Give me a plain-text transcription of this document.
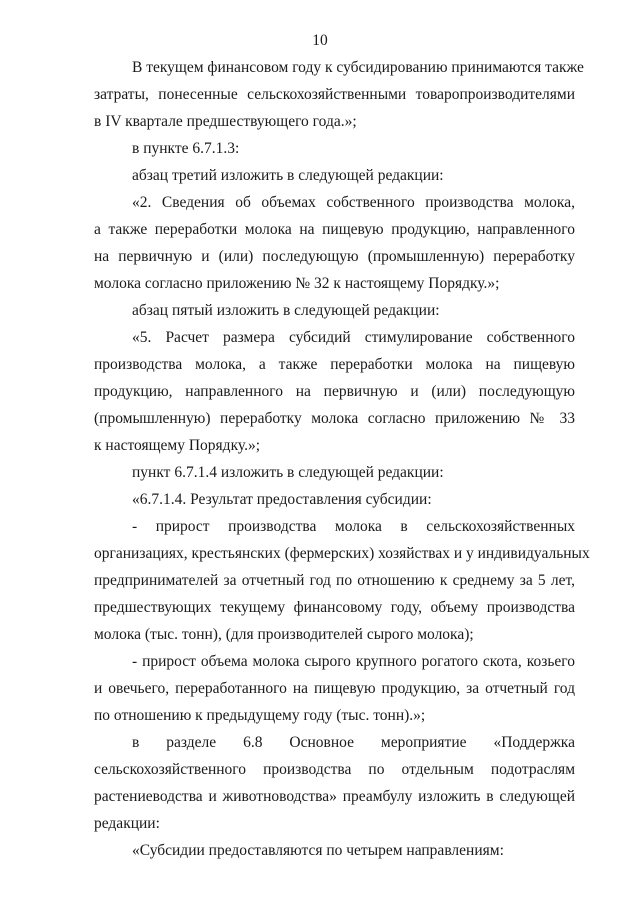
10
В текущем финансовом году к субсидированию принимаются также
затраты, понесенные сельскохозяйственными товаропроизводителями
в IV квартале предшествующего года.»;
в пункте 6.7.1.3:
абзац третий изложить в следующей редакции:
«2. Сведения об объемах собственного производства молока,
а также переработки молока на пищевую продукцию, направленного
на первичную и (или) последующую (промышленную) переработку
молока согласно приложению № 32 к настоящему Порядку.»;
абзац пятый изложить в следующей редакции:
«5. Расчет размера субсидий стимулирование собственного
производства молока, а также переработки молока на пищевую
продукцию, направленного на первичную и (или) последующую
(промышленную) переработку молока согласно приложению № 33
к настоящему Порядку.»;
пункт 6.7.1.4 изложить в следующей редакции:
«6.7.1.4. Результат предоставления субсидии:
- прирост производства молока в сельскохозяйственных
организациях, крестьянских (фермерских) хозяйствах и у индивидуальных
предпринимателей за отчетный год по отношению к среднему за 5 лет,
предшествующих текущему финансовому году, объему производства
молока (тыс. тонн), (для производителей сырого молока);
- прирост объема молока сырого крупного рогатого скота, козьего
и овечьего, переработанного на пищевую продукцию, за отчетный год
по отношению к предыдущему году (тыс. тонн).»;
в разделе 6.8 Основное мероприятие «Поддержка
сельскохозяйственного производства по отдельным подотраслям
растениеводства и животноводства» преамбулу изложить в следующей
редакции:
«Субсидии предоставляются по четырем направлениям:
